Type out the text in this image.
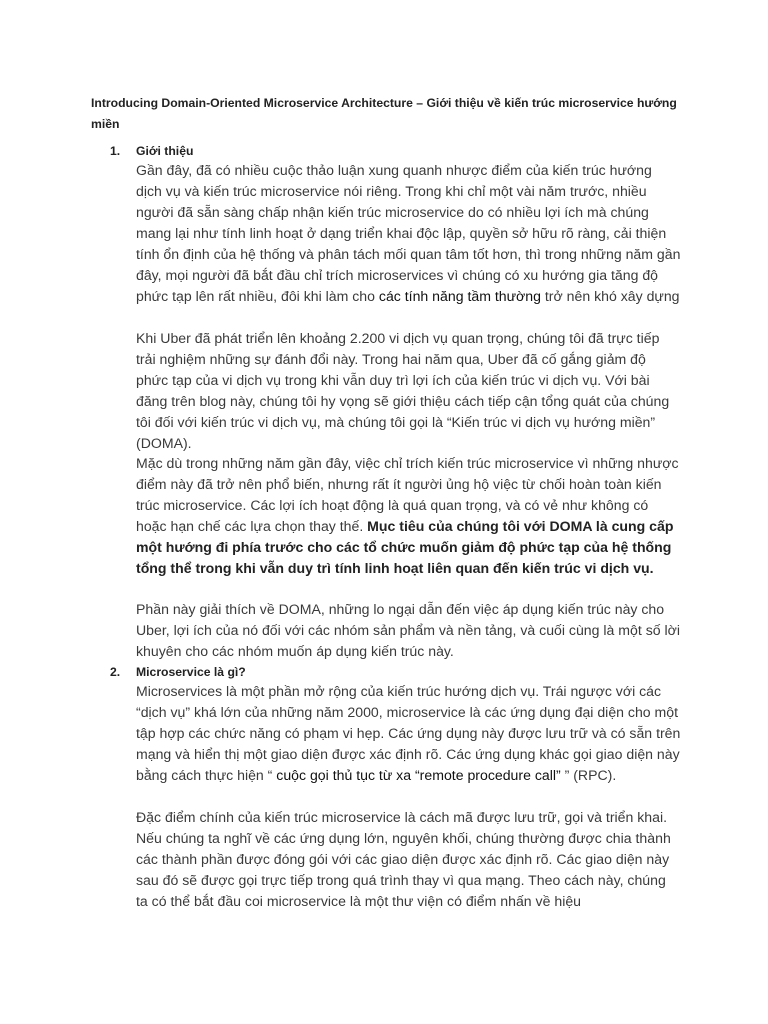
Introducing Domain-Oriented Microservice Architecture – Giới thiệu về kiến trúc microservice hướng miền
1. Giới thiệu

Gần đây, đã có nhiều cuộc thảo luận xung quanh nhược điểm của kiến trúc hướng dịch vụ và kiến trúc microservice nói riêng. Trong khi chỉ một vài năm trước, nhiều người đã sẵn sàng chấp nhận kiến trúc microservice do có nhiều lợi ích mà chúng mang lại như tính linh hoạt ở dạng triển khai độc lập, quyền sở hữu rõ ràng, cải thiện tính ổn định của hệ thống và phân tách mối quan tâm tốt hơn, thì trong những năm gần đây, mọi người đã bắt đầu chỉ trích microservices vì chúng có xu hướng gia tăng độ phức tạp lên rất nhiều, đôi khi làm cho các tính năng tầm thường trở nên khó xây dựng

Khi Uber đã phát triển lên khoảng 2.200 vi dịch vụ quan trọng, chúng tôi đã trực tiếp trải nghiệm những sự đánh đổi này. Trong hai năm qua, Uber đã cố gắng giảm độ phức tạp của vi dịch vụ trong khi vẫn duy trì lợi ích của kiến trúc vi dịch vụ. Với bài đăng trên blog này, chúng tôi hy vọng sẽ giới thiệu cách tiếp cận tổng quát của chúng tôi đối với kiến trúc vi dịch vụ, mà chúng tôi gọi là “Kiến trúc vi dịch vụ hướng miền” (DOMA).

Mặc dù trong những năm gần đây, việc chỉ trích kiến trúc microservice vì những nhược điểm này đã trở nên phổ biến, nhưng rất ít người ủng hộ việc từ chối hoàn toàn kiến trúc microservice. Các lợi ích hoạt động là quá quan trọng, và có vẻ như không có hoặc hạn chế các lựa chọn thay thế. Mục tiêu của chúng tôi với DOMA là cung cấp một hướng đi phía trước cho các tổ chức muốn giảm độ phức tạp của hệ thống tổng thể trong khi vẫn duy trì tính linh hoạt liên quan đến kiến trúc vi dịch vụ.

Phần này giải thích về DOMA, những lo ngại dẫn đến việc áp dụng kiến trúc này cho Uber, lợi ích của nó đối với các nhóm sản phẩm và nền tảng, và cuối cùng là một số lời khuyên cho các nhóm muốn áp dụng kiến trúc này.

2. Microservice là gì?

Microservices là một phần mở rộng của kiến trúc hướng dịch vụ. Trái ngược với các “dịch vụ” khá lớn của những năm 2000, microservice là các ứng dụng đại diện cho một tập hợp các chức năng có phạm vi hẹp. Các ứng dụng này được lưu trữ và có sẵn trên mạng và hiển thị một giao diện được xác định rõ. Các ứng dụng khác gọi giao diện này bằng cách thực hiện “ cuộc gọi thủ tục từ xa “remote procedure call” ” (RPC).

Đặc điểm chính của kiến trúc microservice là cách mã được lưu trữ, gọi và triển khai. Nếu chúng ta nghĩ về các ứng dụng lớn, nguyên khối, chúng thường được chia thành các thành phần được đóng gói với các giao diện được xác định rõ. Các giao diện này sau đó sẽ được gọi trực tiếp trong quá trình thay vì qua mạng. Theo cách này, chúng ta có thể bắt đầu coi microservice là một thư viện có điểm nhấn về hiệu
